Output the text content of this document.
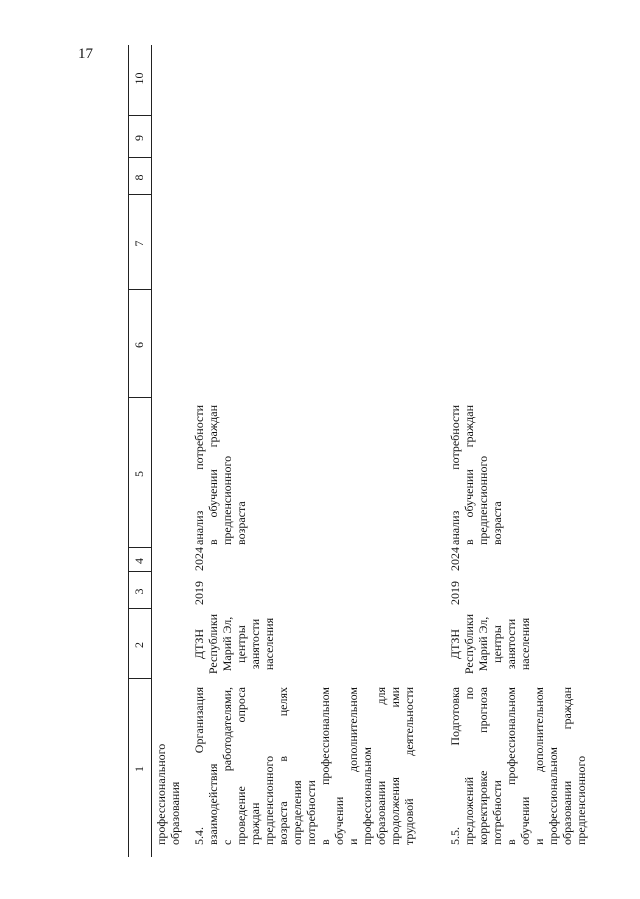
17
1
2
3
4
5
6
7
8
9
10
профессионального образования 5.4. Организация взаимодействия с работодателями, проведение опроса граждан предпенсионного возраста в целях определения потребности в профессиональном обучении и дополнительном профессиональном образовании для продолжения ими трудовой деятельности
ДТЗН Республики Марий Эл, центры занятости населения
2019
2024
анализ потребности в обучении граждан предпенсионного возраста
5.5. Подготовка предложений по корректировке прогноза потребности в профессиональном обучении и дополнительном профессиональном образовании граждан предпенсионного
ДТЗН Республики Марий Эл, центры занятости населения
2019
2024
анализ потребности в обучении граждан предпенсионного возраста
